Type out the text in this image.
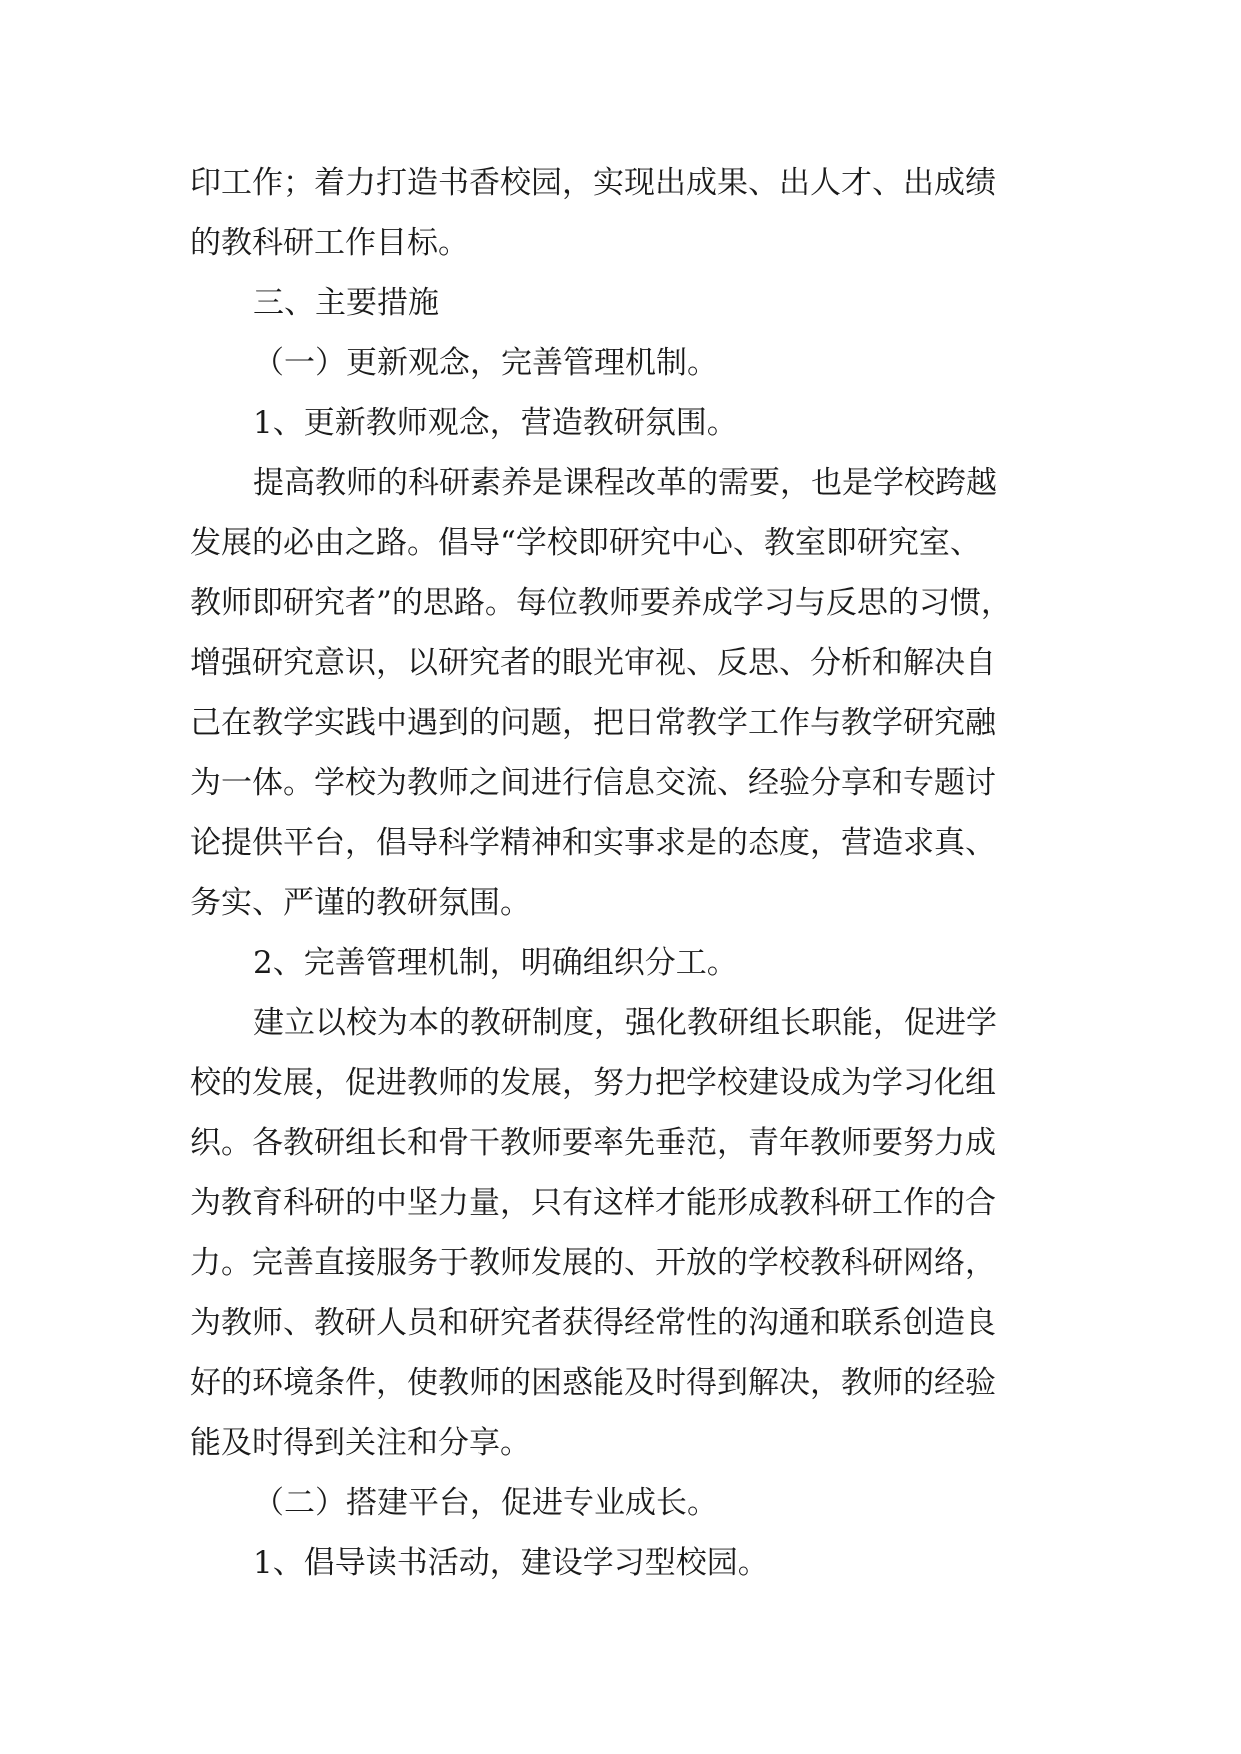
印工作；着力打造书香校园，实现出成果、出人才、出成绩
的教科研工作目标。
三、主要措施
（一）更新观念，完善管理机制。
1、更新教师观念，营造教研氛围。
提高教师的科研素养是课程改革的需要，也是学校跨越
发展的必由之路。倡导“学校即研究中心、教室即研究室、
教师即研究者”的思路。每位教师要养成学习与反思的习惯，
增强研究意识，以研究者的眼光审视、反思、分析和解决自
己在教学实践中遇到的问题，把日常教学工作与教学研究融
为一体。学校为教师之间进行信息交流、经验分享和专题讨
论提供平台，倡导科学精神和实事求是的态度，营造求真、
务实、严谨的教研氛围。
2、完善管理机制，明确组织分工。
建立以校为本的教研制度，强化教研组长职能，促进学
校的发展，促进教师的发展，努力把学校建设成为学习化组
织。各教研组长和骨干教师要率先垂范，青年教师要努力成
为教育科研的中坚力量，只有这样才能形成教科研工作的合
力。完善直接服务于教师发展的、开放的学校教科研网络，
为教师、教研人员和研究者获得经常性的沟通和联系创造良
好的环境条件，使教师的困惑能及时得到解决，教师的经验
能及时得到关注和分享。
（二）搭建平台，促进专业成长。
1、倡导读书活动，建设学习型校园。
